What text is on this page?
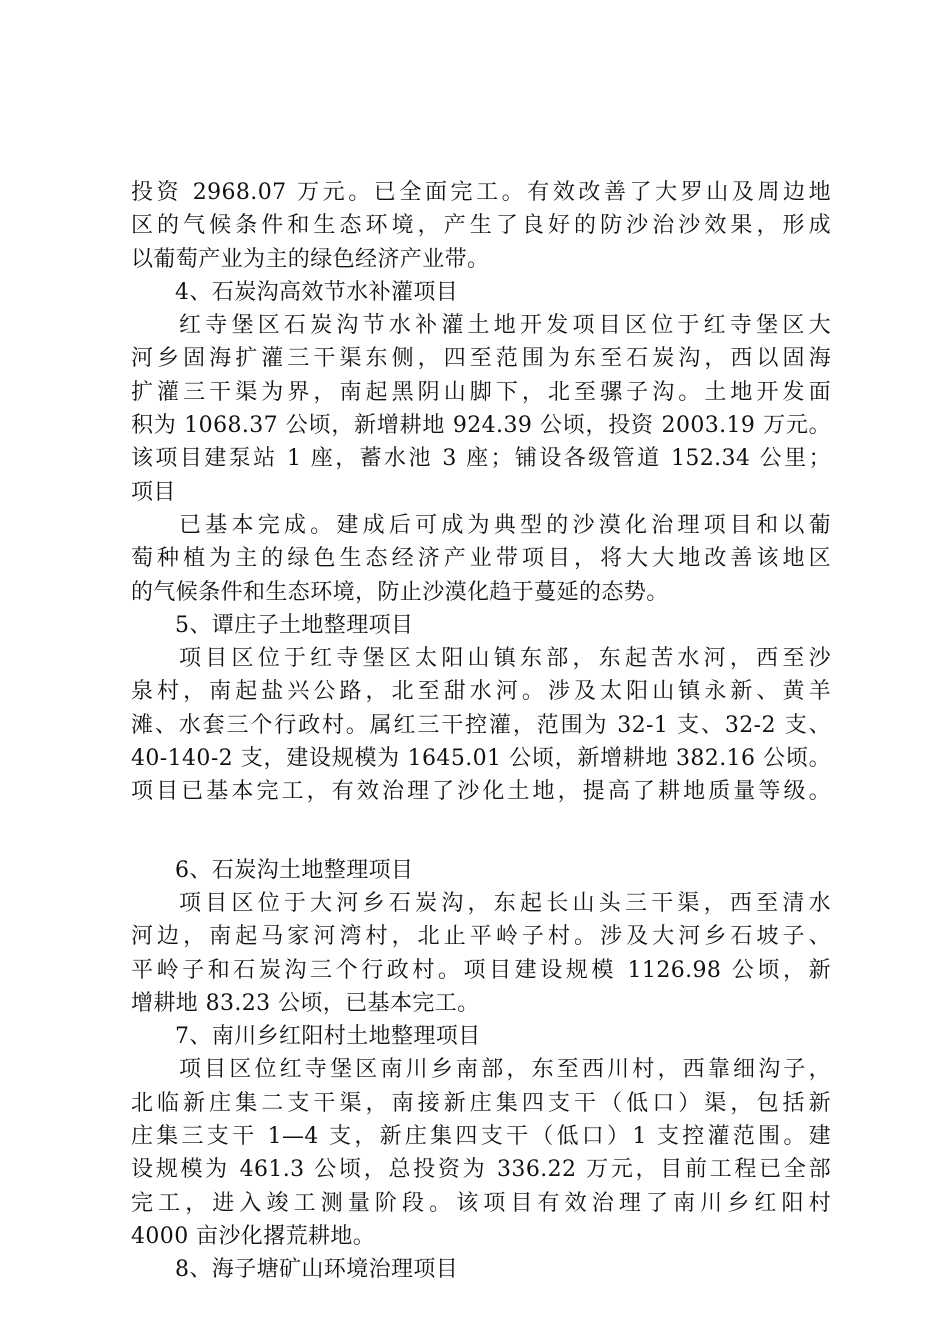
投资 2968.07 万元。已全面完工。有效改善了大罗山及周边地
区的气候条件和生态环境，产生了良好的防沙治沙效果，形成
以葡萄产业为主的绿色经济产业带。
4、石炭沟高效节水补灌项目
红寺堡区石炭沟节水补灌土地开发项目区位于红寺堡区大
河乡固海扩灌三干渠东侧，四至范围为东至石炭沟，西以固海
扩灌三干渠为界，南起黑阴山脚下，北至骡子沟。土地开发面
积为 1068.37 公顷，新增耕地 924.39 公顷，投资 2003.19 万元。
该项目建泵站 1 座，蓄水池 3 座；铺设各级管道 152.34 公里；
项目
已基本完成。建成后可成为典型的沙漠化治理项目和以葡
萄种植为主的绿色生态经济产业带项目，将大大地改善该地区
的气候条件和生态环境，防止沙漠化趋于蔓延的态势。
5、谭庄子土地整理项目
项目区位于红寺堡区太阳山镇东部，东起苦水河，西至沙
泉村，南起盐兴公路，北至甜水河。涉及太阳山镇永新、黄羊
滩、水套三个行政村。属红三干控灌，范围为 32-1 支、32-2 支、
40-140-2 支，建设规模为 1645.01 公顷，新增耕地 382.16 公顷。
项目已基本完工，有效治理了沙化土地，提高了耕地质量等级。
6、石炭沟土地整理项目
项目区位于大河乡石炭沟，东起长山头三干渠，西至清水
河边，南起马家河湾村，北止平岭子村。涉及大河乡石坡子、
平岭子和石炭沟三个行政村。项目建设规模 1126.98 公顷，新
增耕地 83.23 公顷，已基本完工。
7、南川乡红阳村土地整理项目
项目区位红寺堡区南川乡南部，东至西川村，西靠细沟子，
北临新庄集二支干渠，南接新庄集四支干（低口）渠，包括新
庄集三支干 1—4 支，新庄集四支干（低口）1 支控灌范围。建
设规模为 461.3 公顷，总投资为 336.22 万元，目前工程已全部
完工，进入竣工测量阶段。该项目有效治理了南川乡红阳村
4000 亩沙化撂荒耕地。
8、海子塘矿山环境治理项目
